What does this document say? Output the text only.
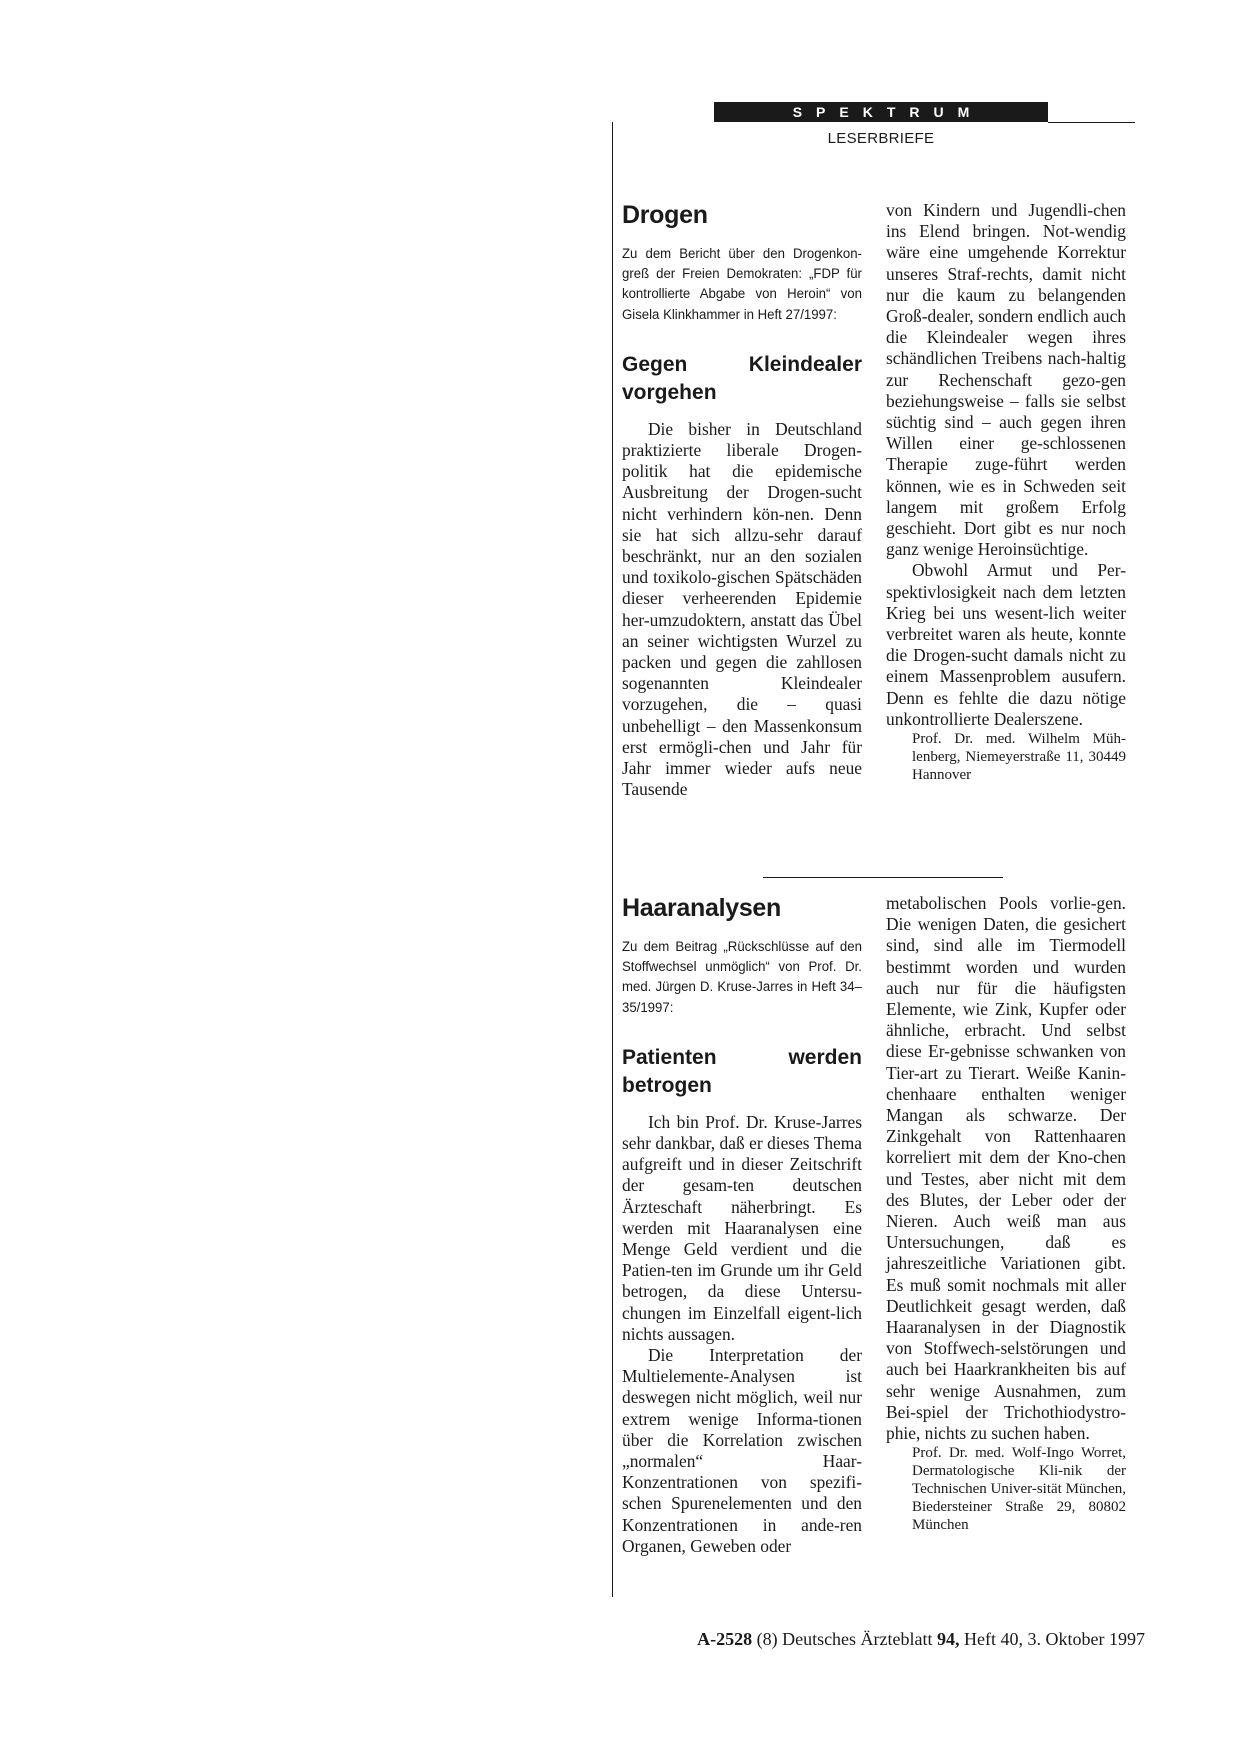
SPEKTRUM
LESERBRIEFE
Drogen

Zu dem Bericht über den Drogenkon-greß der Freien Demokraten: „FDP für kontrollierte Abgabe von Heroin“ von Gisela Klinkhammer in Heft 27/1997:

Gegen Kleindealer vorgehen

Die bisher in Deutschland praktizierte liberale Drogen-politik hat die epidemische Ausbreitung der Drogen-sucht nicht verhindern kön-nen. Denn sie hat sich allzu-sehr darauf beschränkt, nur an den sozialen und toxikolo-gischen Spätschäden dieser verheerenden Epidemie her-umzudoktern, anstatt das Übel an seiner wichtigsten Wurzel zu packen und gegen die zahllosen sogenannten Kleindealer vorzugehen, die – quasi unbehelligt – den Massenkonsum erst ermögli-chen und Jahr für Jahr immer wieder aufs neue Tausende

von Kindern und Jugendli-chen ins Elend bringen. Not-wendig wäre eine umgehende Korrektur unseres Straf-rechts, damit nicht nur die kaum zu belangenden Groß-dealer, sondern endlich auch die Kleindealer wegen ihres schändlichen Treibens nach-haltig zur Rechenschaft gezo-gen beziehungsweise – falls sie selbst süchtig sind – auch gegen ihren Willen einer ge-schlossenen Therapie zuge-führt werden können, wie es in Schweden seit langem mit großem Erfolg geschieht. Dort gibt es nur noch ganz wenige Heroinsüchtige.

Obwohl Armut und Per-spektivlosigkeit nach dem letzten Krieg bei uns wesent-lich weiter verbreitet waren als heute, konnte die Drogen-sucht damals nicht zu einem Massenproblem ausufern. Denn es fehlte die dazu nötige unkontrollierte Dealerszene.

Prof. Dr. med. Wilhelm Müh-lenberg, Niemeyerstraße 11, 30449 Hannover

Haaranalysen

Zu dem Beitrag „Rückschlüsse auf den Stoffwechsel unmöglich“ von Prof. Dr. med. Jürgen D. Kruse-Jarres in Heft 34–35/1997:

Patienten werden betrogen

Ich bin Prof. Dr. Kruse-Jarres sehr dankbar, daß er dieses Thema aufgreift und in dieser Zeitschrift der gesam-ten deutschen Ärzteschaft näherbringt. Es werden mit Haaranalysen eine Menge Geld verdient und die Patien-ten im Grunde um ihr Geld betrogen, da diese Untersu-chungen im Einzelfall eigent-lich nichts aussagen.

Die Interpretation der Multielemente-Analysen ist deswegen nicht möglich, weil nur extrem wenige Informa-tionen über die Korrelation zwischen „normalen“ Haar-Konzentrationen von spezifi-schen Spurenelementen und den Konzentrationen in ande-ren Organen, Geweben oder

metabolischen Pools vorlie-gen. Die wenigen Daten, die gesichert sind, sind alle im Tiermodell bestimmt worden und wurden auch nur für die häufigsten Elemente, wie Zink, Kupfer oder ähnliche, erbracht. Und selbst diese Er-gebnisse schwanken von Tier-art zu Tierart. Weiße Kanin-chenhaare enthalten weniger Mangan als schwarze. Der Zinkgehalt von Rattenhaaren korreliert mit dem der Kno-chen und Testes, aber nicht mit dem des Blutes, der Leber oder der Nieren. Auch weiß man aus Untersuchungen, daß es jahreszeitliche Variationen gibt. Es muß somit nochmals mit aller Deutlichkeit gesagt werden, daß Haaranalysen in der Diagnostik von Stoffwech-selstörungen und auch bei Haarkrankheiten bis auf sehr wenige Ausnahmen, zum Bei-spiel der Trichothiodystro-phie, nichts zu suchen haben.

Prof. Dr. med. Wolf-Ingo Worret, Dermatologische Kli-nik der Technischen Univer-sität München, Biedersteiner Straße 29, 80802 München

A-2528 (8) Deutsches Ärzteblatt 94, Heft 40, 3. Oktober 1997
